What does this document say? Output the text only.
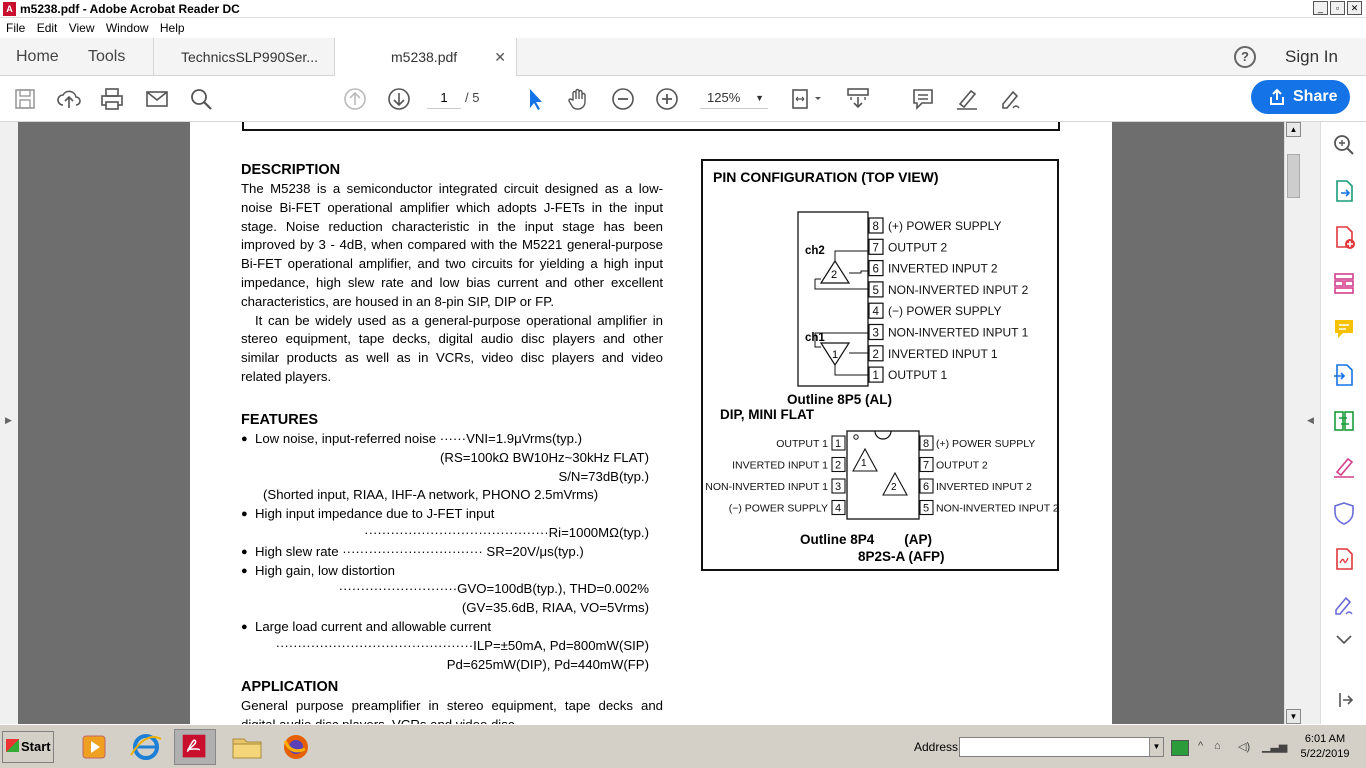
A m5238.pdf - Adobe Acrobat Reader DC	_	▫	✕
File Edit View Window Help
Home Tools	TechnicsSLP990Ser...	m5238.pdf	✕	?	Sign In
1	/ 5	125% ▼	Share
▶
DESCRIPTION
The M5238 is a semiconductor integrated circuit designed as a low-noise Bi-FET operational amplifier which adopts J-FETs in the input stage. Noise reduction characteristic in the input stage has been improved by 3 - 4dB, when compared with the M5221 general-purpose Bi-FET operational amplifier, and two circuits for yielding a high input impedance, high slew rate and low bias current and other excellent characteristics, are housed in an 8-pin SIP, DIP or FP.
It can be widely used as a general-purpose operational amplifier in stereo equipment, tape decks, digital audio disc players and other similar products as well as in VCRs, video disc players and video related players.
FEATURES
● Low noise, input-referred noise ······VNI=1.9μVrms(typ.)
(RS=100kΩ BW10Hz~30kHz FLAT)
S/N=73dB(typ.)
(Shorted input, RIAA, IHF-A network, PHONO 2.5mVrms)
● High input impedance due to J-FET input
··········································Ri=1000MΩ(typ.)
● High slew rate ································ SR=20V/μs(typ.)
● High gain, low distortion
···························GVO=100dB(typ.), THD=0.002%
(GV=35.6dB, RIAA, VO=5Vrms)
● Large load current and allowable current
·············································ILP=±50mA, Pd=800mW(SIP)
Pd=625mW(DIP), Pd=440mW(FP)
APPLICATION
General purpose preamplifier in stereo equipment, tape decks and
PIN CONFIGURATION (TOP VIEW)
8 (+) POWER SUPPLY
7 OUTPUT 2
6 INVERTED INPUT 2
5 NON-INVERTED INPUT 2
4 (−) POWER SUPPLY
3 NON-INVERTED INPUT 1
2 INVERTED INPUT 1
1 OUTPUT 1
1
OUTPUT 1
2
INVERTED INPUT 1
3
NON-INVERTED INPUT 1
4
(−) POWER SUPPLY
8 (+) POWER SUPPLY
7 OUTPUT 2
6 INVERTED INPUT 2
5 NON-INVERTED INPUT 2
ch2
ch1
2
1
1
2
Outline 8P5 (AL)
DIP, MINI FLAT
Outline 8P4        (AP)
8P2S-A (AFP)
▲
▼
◀
Start	Address	▼	^ ⌂ ◁) ▁▃▅
6:01 AM
5/22/2019
